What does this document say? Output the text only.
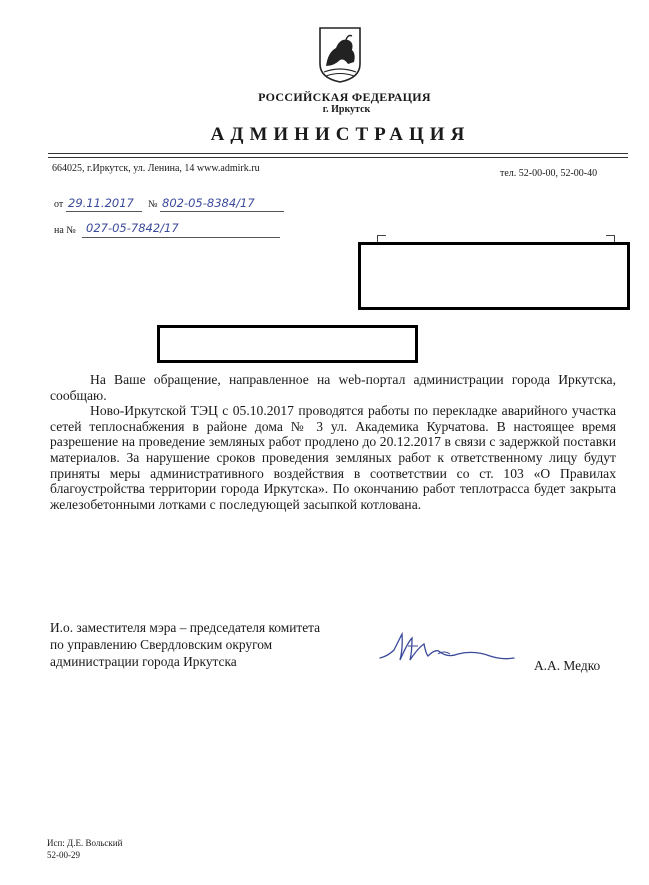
РОССИЙСКАЯ ФЕДЕРАЦИЯ
г. Иркутск
АДМИНИСТРАЦИЯ
664025, г.Иркутск, ул. Ленина, 14 www.admirk.ru	тел. 52-00-00, 52-00-40
от 29.11.2017 № 802-05-8384/17
на № 027-05-7842/17

На Ваше обращение, направленное на web-портал администрации города Иркутска, сообщаю.

Ново-Иркутской ТЭЦ с 05.10.2017 проводятся работы по перекладке аварийного участка сетей теплоснабжения в районе дома № 3 ул. Академика Курчатова. В настоящее время разрешение на проведение земляных работ продлено до 20.12.2017 в связи с задержкой поставки материалов. За нарушение сроков проведения земляных работ к ответственному лицу будут приняты меры административного воздействия в соответствии со ст. 103 «О Правилах благоустройства территории города Иркутска». По окончанию работ теплотрасса будет закрыта железобетонными лотками с последующей засыпкой котлована.

И.о. заместителя мэра – председателя комитета
по управлению Свердловским округом
администрации города Иркутска	А.А. Медко
Исп: Д.Е. Вольский
52-00-29
